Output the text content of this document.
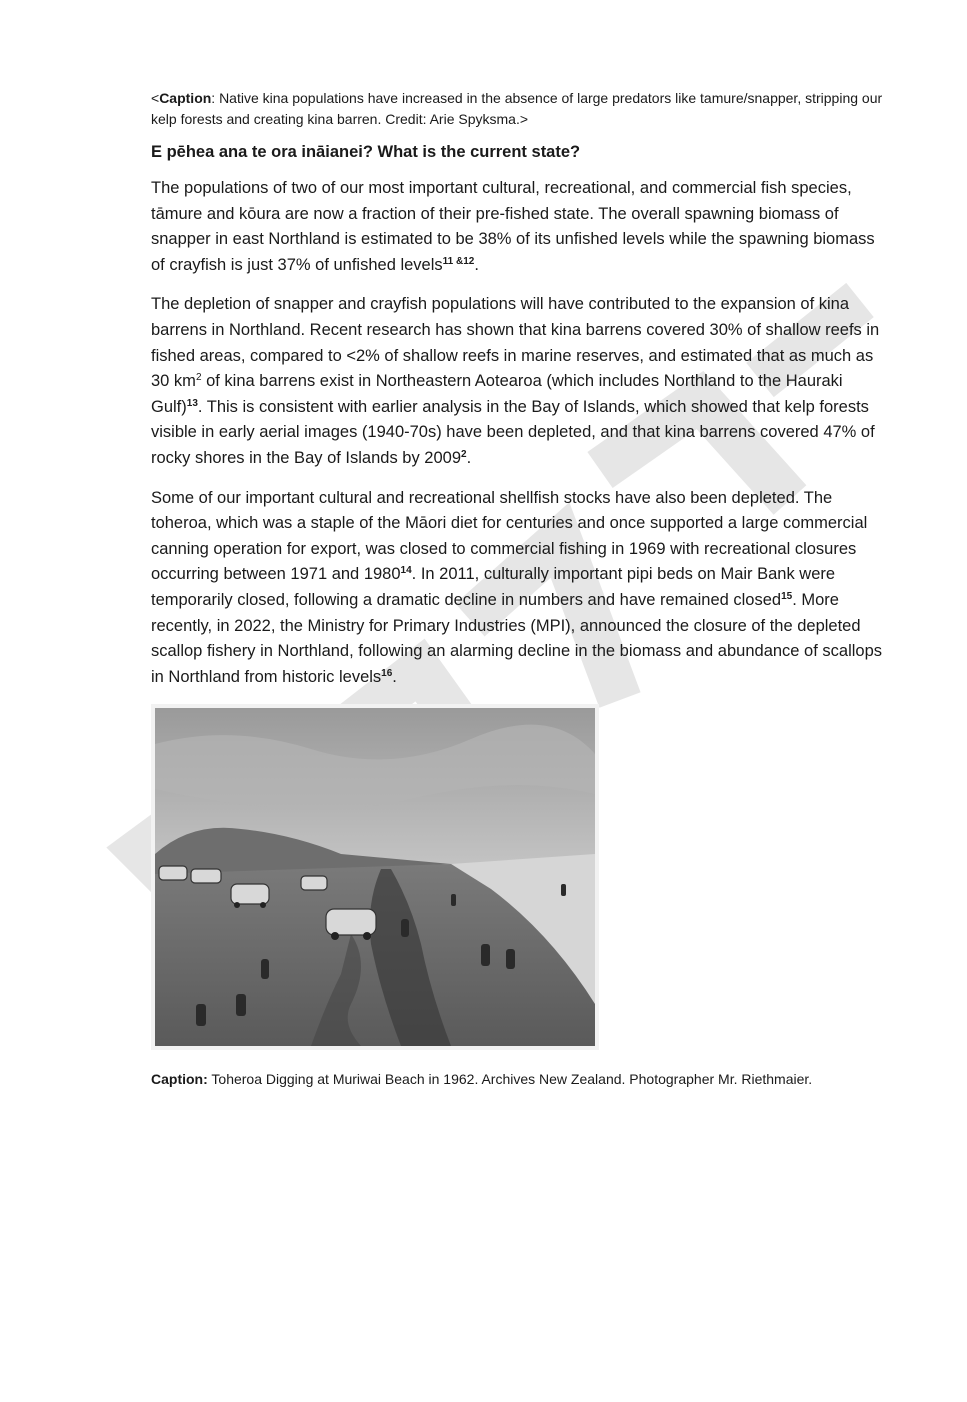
<Caption: Native kina populations have increased in the absence of large predators like tamure/snapper, stripping our kelp forests and creating kina barren. Credit: Arie Spyksma.>

E pēhea ana te ora ināianei? What is the current state?

The populations of two of our most important cultural, recreational, and commercial fish species, tāmure and kōura are now a fraction of their pre-fished state. The overall spawning biomass of snapper in east Northland is estimated to be 38% of its unfished levels while the spawning biomass of crayfish is just 37% of unfished levels$^{11 \&12}$.

The depletion of snapper and crayfish populations will have contributed to the expansion of kina barrens in Northland. Recent research has shown that kina barrens covered 30% of shallow reefs in fished areas, compared to <2% of shallow reefs in marine reserves, and estimated that as much as 30 $km^2$ of kina barrens exist in Northeastern Aotearoa (which includes Northland to the Hauraki Gulf)$^{13}$. This is consistent with earlier analysis in the Bay of Islands, which showed that kelp forests visible in early aerial images (1940-70s) have been depleted, and that kina barrens covered 47% of rocky shores in the Bay of Islands by 2009$^2$.

Some of our important cultural and recreational shellfish stocks have also been depleted. The toheroa, which was a staple of the Māori diet for centuries and once supported a large commercial canning operation for export, was closed to commercial fishing in 1969 with recreational closures occurring between 1971 and 1980$^{14}$. In 2011, culturally important pipi beds on Mair Bank were temporarily closed, following a dramatic decline in numbers and have remained closed$^{15}$. More recently, in 2022, the Ministry for Primary Industries (MPI), announced the closure of the depleted scallop fishery in Northland, following an alarming decline in the biomass and abundance of scallops in Northland from historic levels$^{16}$.

Caption: Toheroa Digging at Muriwai Beach in 1962. Archives New Zealand. Photographer Mr. Riethmaier.
